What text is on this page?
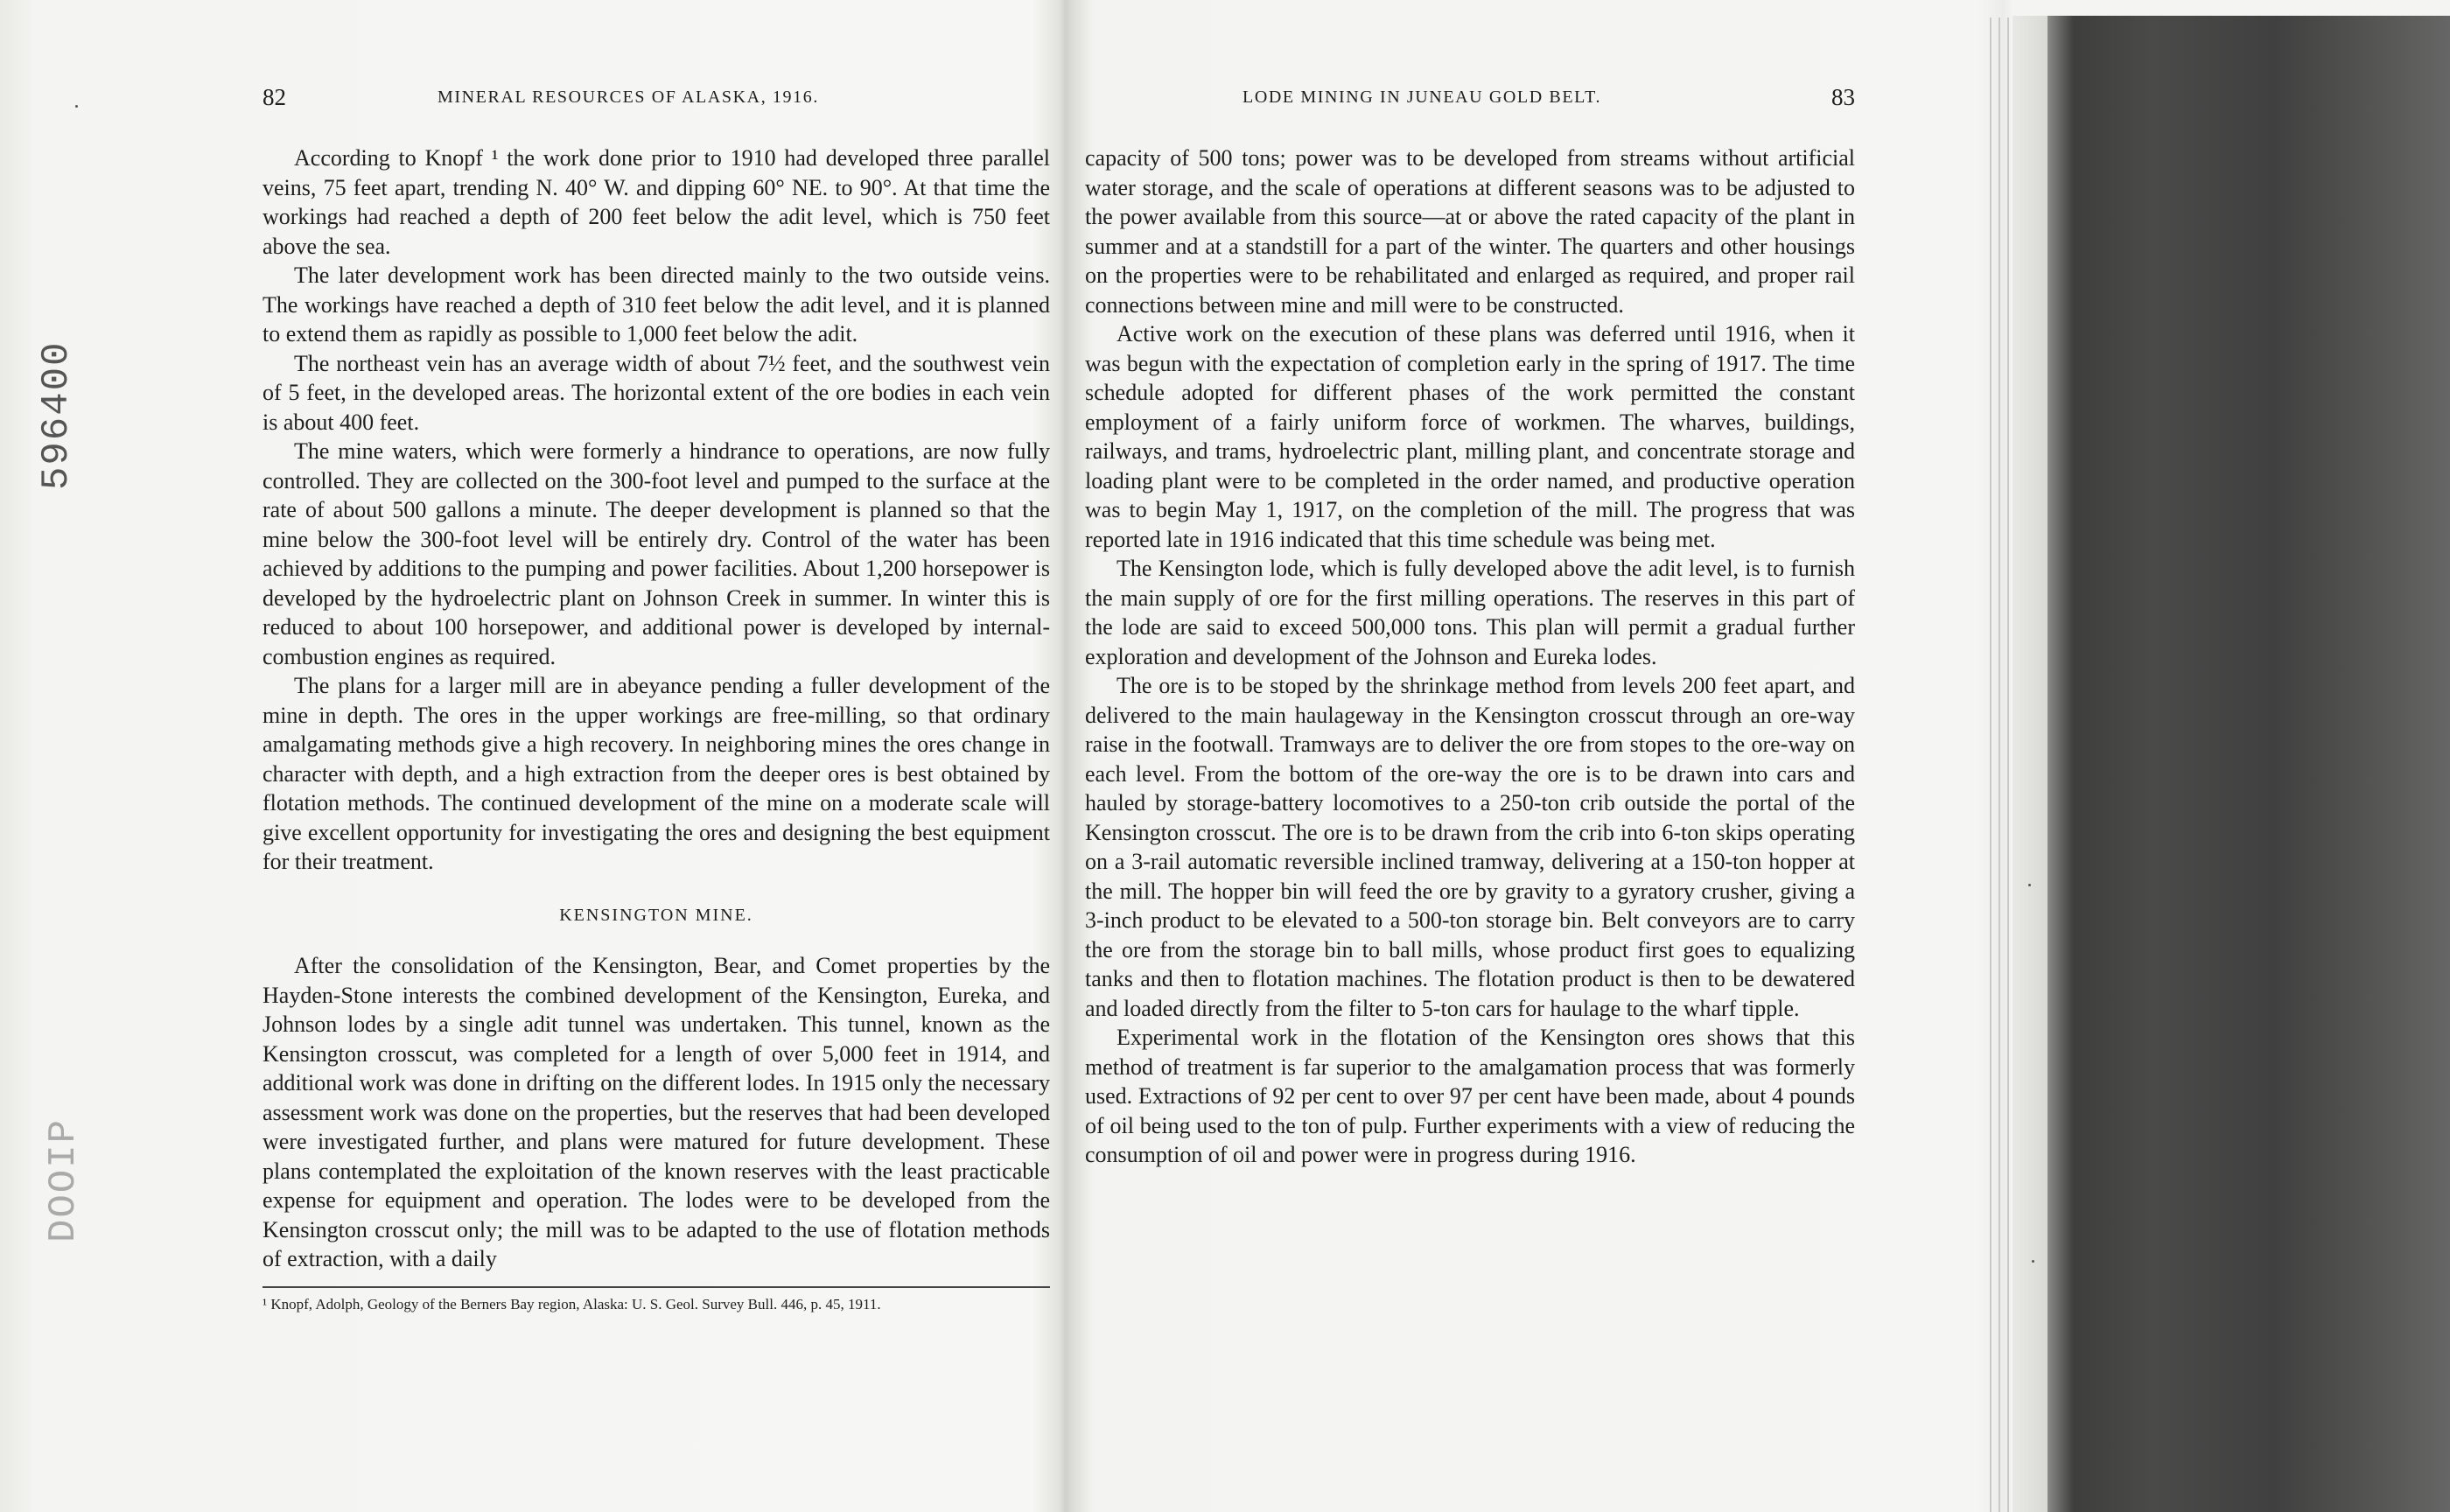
596400
DOOIP
82	MINERAL RESOURCES OF ALASKA, 1916.

According to Knopf ¹ the work done prior to 1910 had developed three parallel veins, 75 feet apart, trending N. 40° W. and dipping 60° NE. to 90°. At that time the workings had reached a depth of 200 feet below the adit level, which is 750 feet above the sea.

The later development work has been directed mainly to the two outside veins. The workings have reached a depth of 310 feet below the adit level, and it is planned to extend them as rapidly as possible to 1,000 feet below the adit.

The northeast vein has an average width of about 7½ feet, and the southwest vein of 5 feet, in the developed areas. The horizontal extent of the ore bodies in each vein is about 400 feet.

The mine waters, which were formerly a hindrance to operations, are now fully controlled. They are collected on the 300-foot level and pumped to the surface at the rate of about 500 gallons a minute. The deeper development is planned so that the mine below the 300-foot level will be entirely dry. Control of the water has been achieved by additions to the pumping and power facilities. About 1,200 horsepower is developed by the hydroelectric plant on Johnson Creek in summer. In winter this is reduced to about 100 horsepower, and additional power is developed by internal-combustion engines as required.

The plans for a larger mill are in abeyance pending a fuller development of the mine in depth. The ores in the upper workings are free-milling, so that ordinary amalgamating methods give a high recovery. In neighboring mines the ores change in character with depth, and a high extraction from the deeper ores is best obtained by flotation methods. The continued development of the mine on a moderate scale will give excellent opportunity for investigating the ores and designing the best equipment for their treatment.

KENSINGTON MINE.

After the consolidation of the Kensington, Bear, and Comet properties by the Hayden-Stone interests the combined development of the Kensington, Eureka, and Johnson lodes by a single adit tunnel was undertaken. This tunnel, known as the Kensington crosscut, was completed for a length of over 5,000 feet in 1914, and additional work was done in drifting on the different lodes. In 1915 only the necessary assessment work was done on the properties, but the reserves that had been developed were investigated further, and plans were matured for future development. These plans contemplated the exploitation of the known reserves with the least practicable expense for equipment and operation. The lodes were to be developed from the Kensington crosscut only; the mill was to be adapted to the use of flotation methods of extraction, with a daily

¹ Knopf, Adolph, Geology of the Berners Bay region, Alaska: U. S. Geol. Survey Bull. 446, p. 45, 1911.
LODE MINING IN JUNEAU GOLD BELT.	83

capacity of 500 tons; power was to be developed from streams without artificial water storage, and the scale of operations at different seasons was to be adjusted to the power available from this source—at or above the rated capacity of the plant in summer and at a standstill for a part of the winter. The quarters and other housings on the properties were to be rehabilitated and enlarged as required, and proper rail connections between mine and mill were to be constructed.

Active work on the execution of these plans was deferred until 1916, when it was begun with the expectation of completion early in the spring of 1917. The time schedule adopted for different phases of the work permitted the constant employment of a fairly uniform force of workmen. The wharves, buildings, railways, and trams, hydroelectric plant, milling plant, and concentrate storage and loading plant were to be completed in the order named, and productive operation was to begin May 1, 1917, on the completion of the mill. The progress that was reported late in 1916 indicated that this time schedule was being met.

The Kensington lode, which is fully developed above the adit level, is to furnish the main supply of ore for the first milling operations. The reserves in this part of the lode are said to exceed 500,000 tons. This plan will permit a gradual further exploration and development of the Johnson and Eureka lodes.

The ore is to be stoped by the shrinkage method from levels 200 feet apart, and delivered to the main haulageway in the Kensington crosscut through an ore-way raise in the footwall. Tramways are to deliver the ore from stopes to the ore-way on each level. From the bottom of the ore-way the ore is to be drawn into cars and hauled by storage-battery locomotives to a 250-ton crib outside the portal of the Kensington crosscut. The ore is to be drawn from the crib into 6-ton skips operating on a 3-rail automatic reversible inclined tramway, delivering at a 150-ton hopper at the mill. The hopper bin will feed the ore by gravity to a gyratory crusher, giving a 3-inch product to be elevated to a 500-ton storage bin. Belt conveyors are to carry the ore from the storage bin to ball mills, whose product first goes to equalizing tanks and then to flotation machines. The flotation product is then to be dewatered and loaded directly from the filter to 5-ton cars for haulage to the wharf tipple.

Experimental work in the flotation of the Kensington ores shows that this method of treatment is far superior to the amalgamation process that was formerly used. Extractions of 92 per cent to over 97 per cent have been made, about 4 pounds of oil being used to the ton of pulp. Further experiments with a view of reducing the consumption of oil and power were in progress during 1916.
